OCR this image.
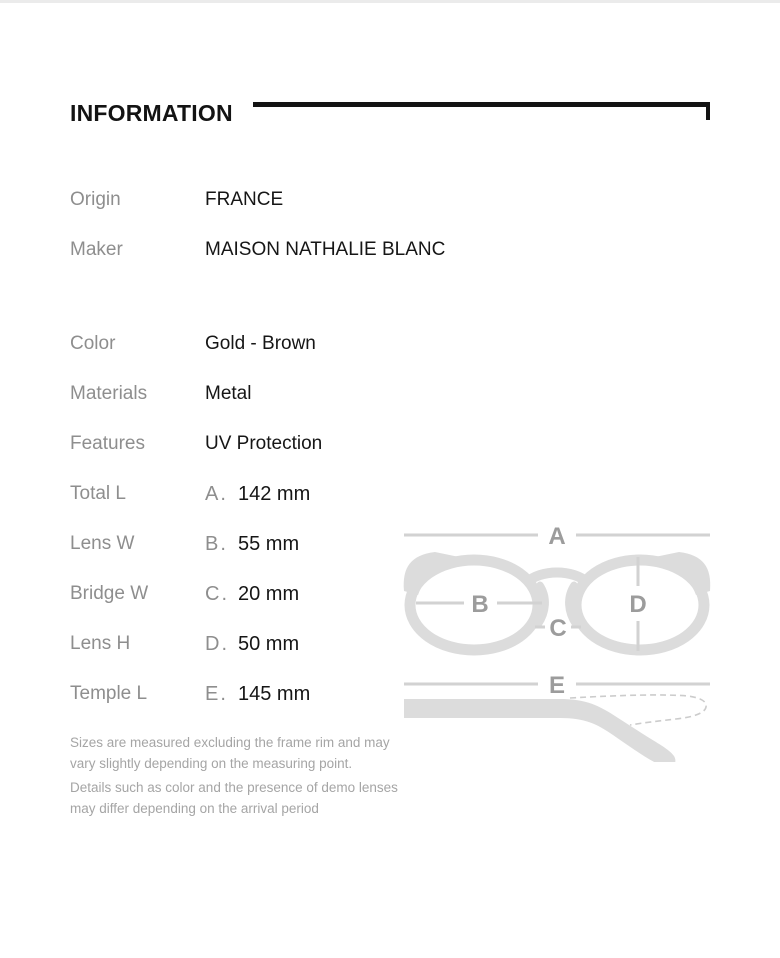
INFORMATION
Origin	FRANCE
Maker	MAISON NATHALIE BLANC
Color	Gold - Brown
Materials	Metal
Features	UV Protection
Total L	A. 142 mm
Lens W	B. 55 mm
Bridge W	C. 20 mm
Lens H	D. 50 mm
Temple L	E. 145 mm

Sizes are measured excluding the frame rim and may vary slightly depending on the measuring point.

Details such as color and the presence of demo lenses may differ depending on the arrival period

A
B	D
C
E
